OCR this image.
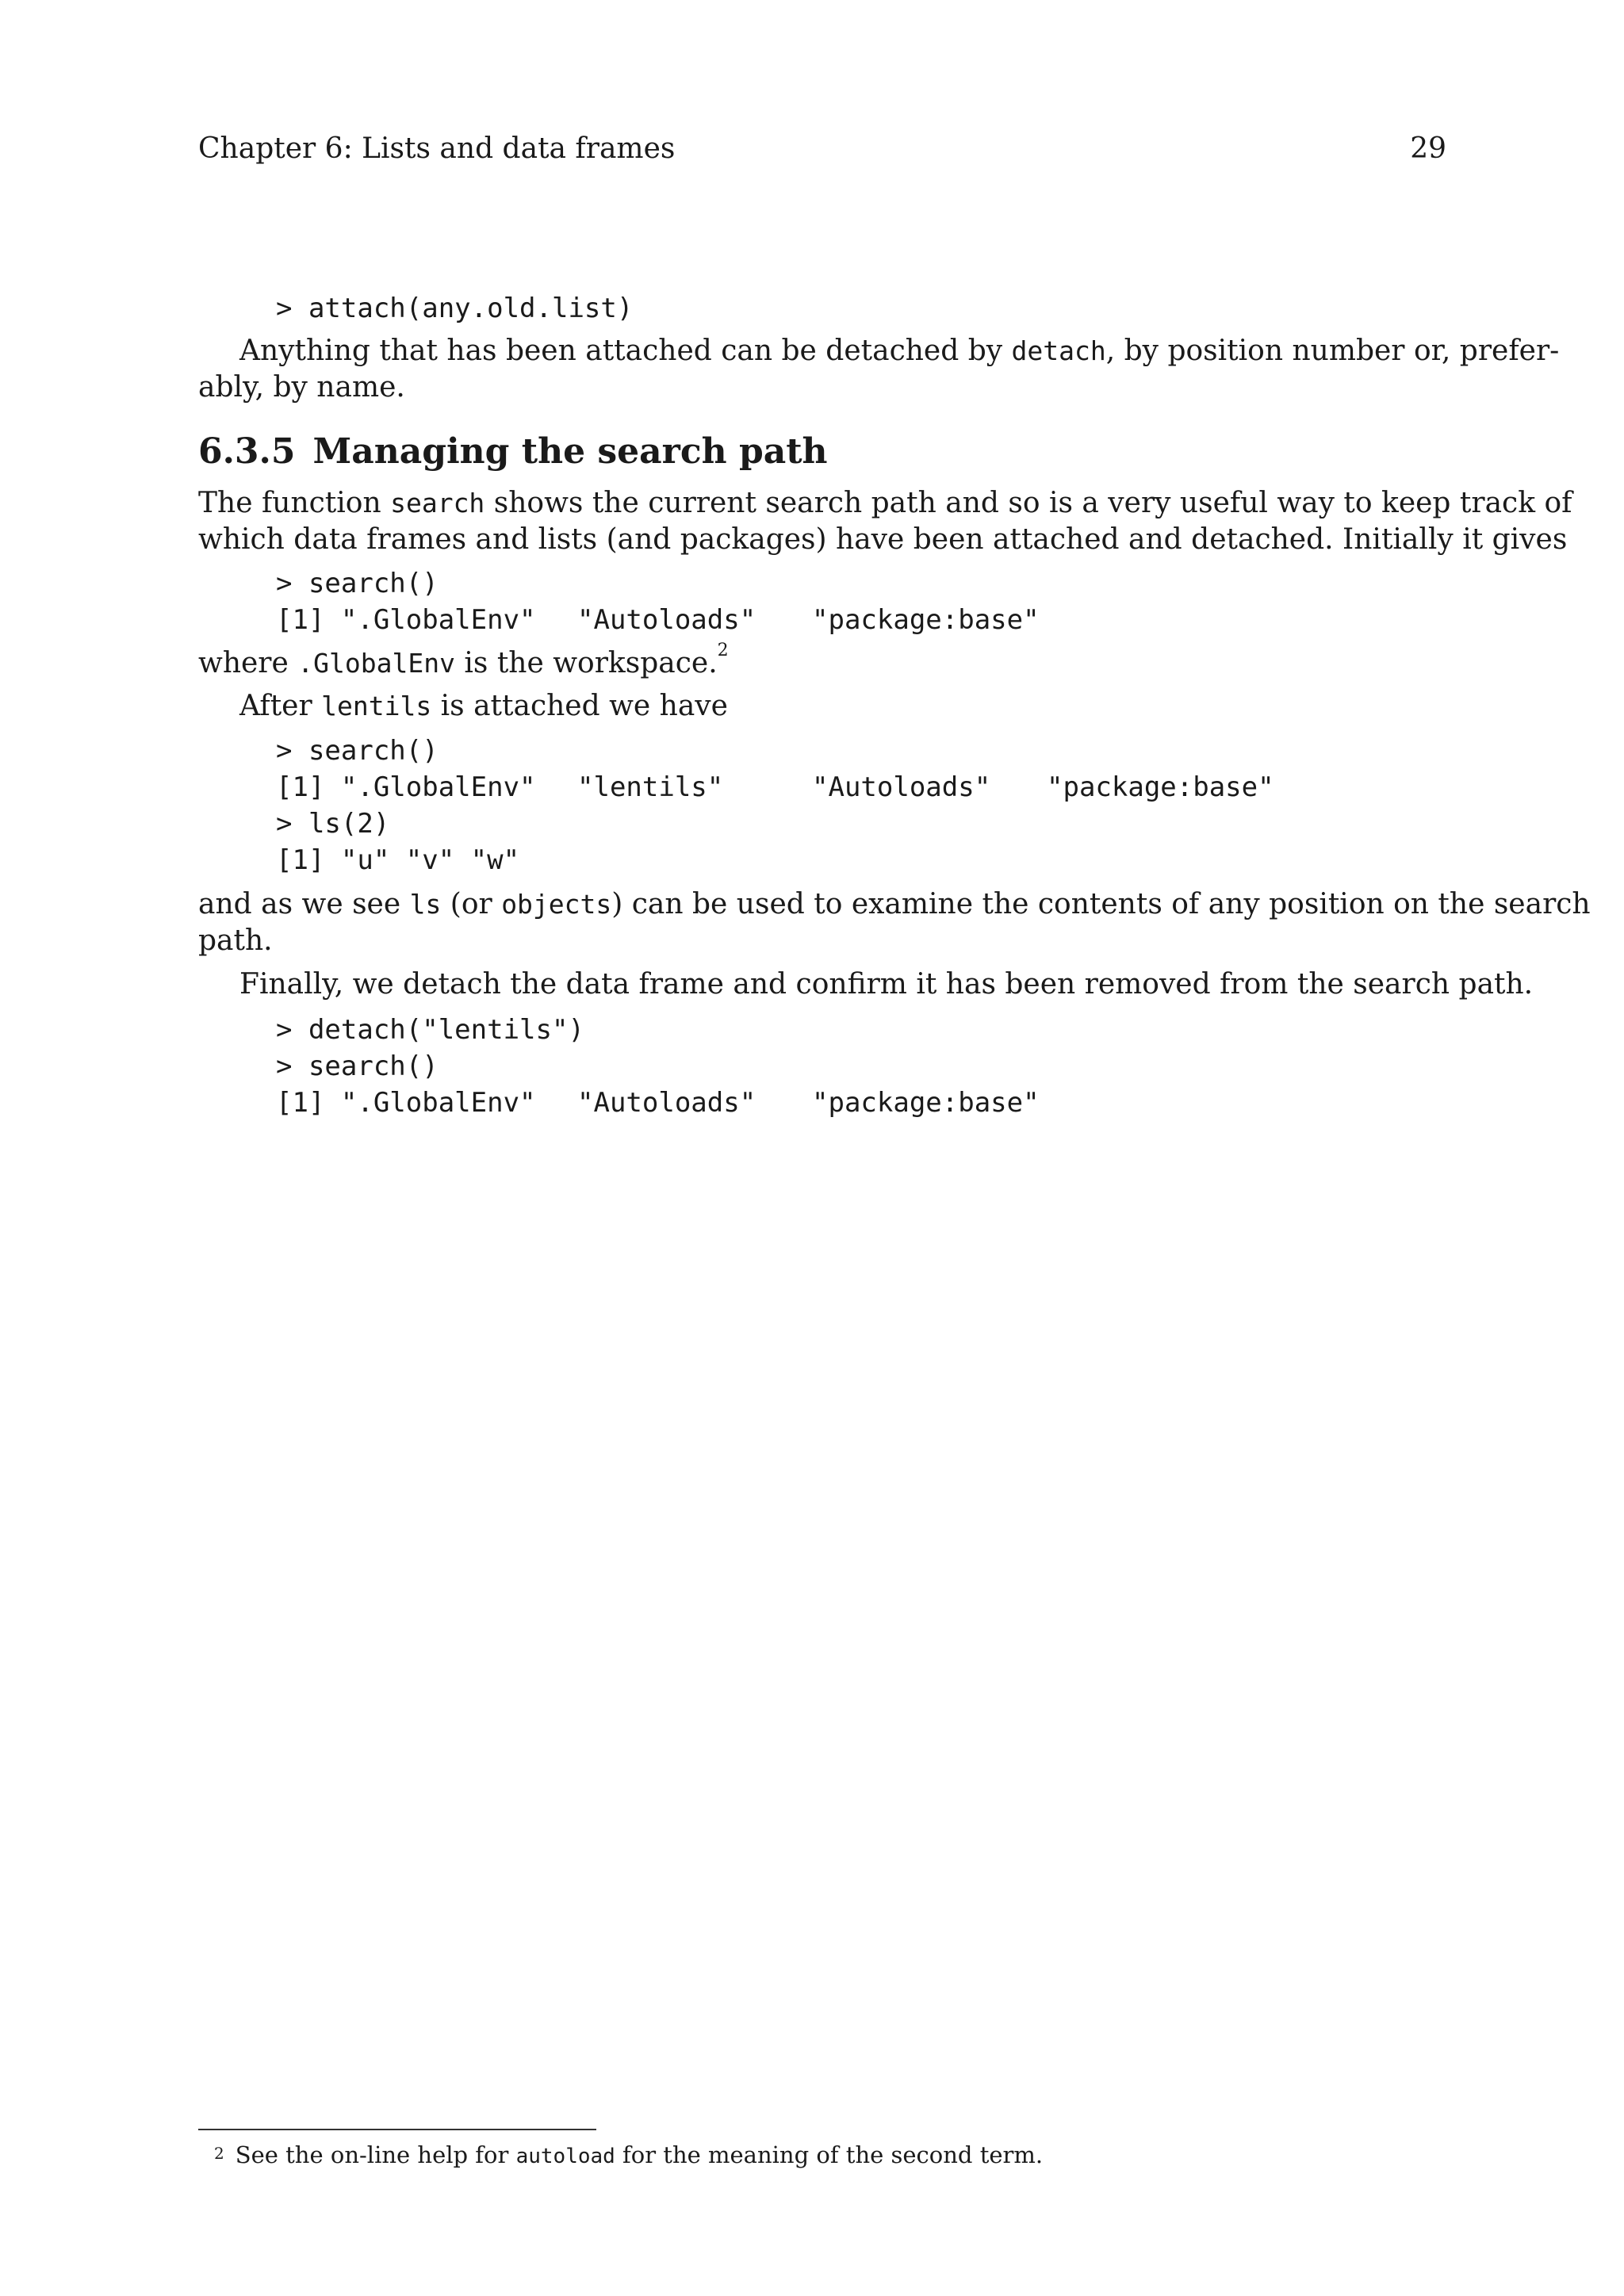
Chapter 6: Lists and data frames	29
> attach(any.old.list)
Anything that has been attached can be detached by detach, by position number or, prefer-
ably, by name.
6.3.5 Managing the search path
The function search shows the current search path and so is a very useful way to keep track of
which data frames and lists (and packages) have been attached and detached. Initially it gives
> search()

[1] ".GlobalEnv"

"Autoloads"

"package:base"

where .GlobalEnv is the workspace.$^2$
After lentils is attached we have
> search()

[1] ".GlobalEnv"

"lentils"

	"Autoloads"

"package:base"

> ls(2)
[1] "u" "v" "w"
and as we see ls (or objects) can be used to examine the contents of any position on the search
path.
Finally, we detach the data frame and confirm it has been removed from the search path.
> detach("lentils")
> search()

[1] ".GlobalEnv"

"Autoloads"

"package:base"

$^2$ See the on-line help for autoload for the meaning of the second term.
